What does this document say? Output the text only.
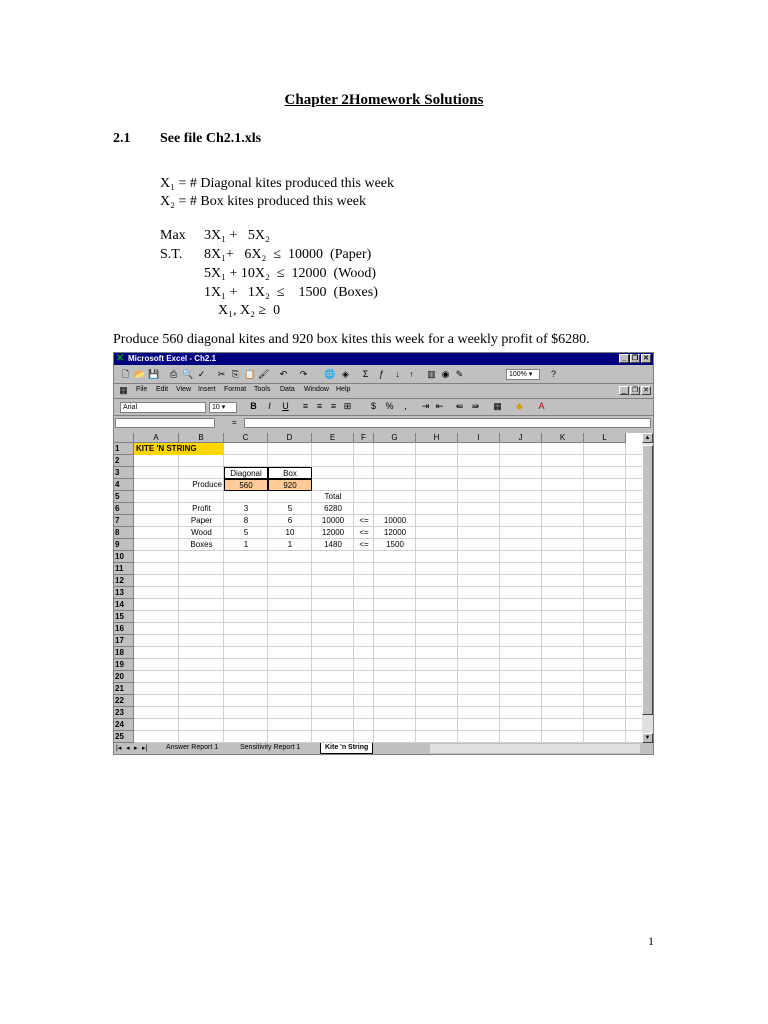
Chapter 2Homework Solutions
2.1 See file Ch2.1.xls
X₁ = # Diagonal kites produced this week
X₂ = # Box kites produced this week
Max 3X₁ +   5X₂
S.T. 8X₁+   6X₂  ≤  10000  (Paper)
5X₁ + 10X₂  ≤  12000  (Wood)
1X₁ +   1X₂  ≤    1500  (Boxes)
X₁, X₂ ≥  0
Produce 560 diagonal kites and 920 box kites this week for a weekly profit of $6280.
✕ Microsoft Excel - Ch2.1	_ ❐ ✕
🗋 📂 💾 ⎙ 🔍 ✓ ✂ ⎘ 📋 🖌 ↶ ↷ 🌐 ◈	Σ	ƒ	↓	↑	▥ ◉ ✎	100% ▾	?
▦ File Edit View Insert Format Tools Data Window Help	_ ❐ ✕
Arial	10 ▾	B	I	U	≡ ≡ ≡ ⊞	$	%	,	⇥ ⇤ ⇚ ⇛ ▦ ◆ A
=
A	B	C	D	E	F	G	H	I	J	K	L
1
2
3
4
5
6
7
8
9
10
11
12
13
14
15
16
17
18
19
20
21
22
23
24
25
KITE 'N STRING
Diagonal	Box
Produce	560	920
Total
Profit	3	5	6280
Paper	8	6	10000	<=	10000
Wood	5	10	12000	<=	12000
Boxes	1	1	1480	<=	1500
▲
▼
|◂ ◂ ▸ ▸|	Answer Report 1	Sensitivity Report 1	Kite 'n String
1
